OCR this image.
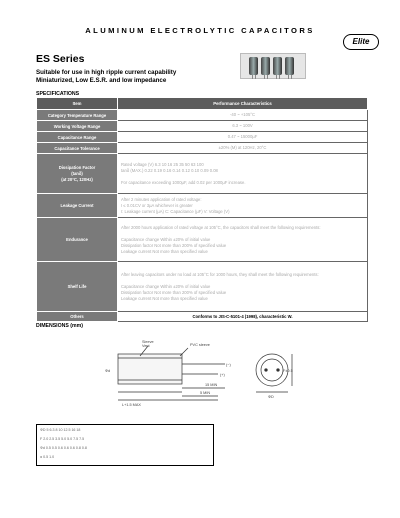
ALUMINUM ELECTROLYTIC CAPACITORS
Elite
ES Series
Suitable for use in high ripple current capability
Miniaturized, Low E.S.R. and low impedance
SPECIFICATIONS
Item	Performance Characteristics
Category Temperature Range	-40 ~ +105°C

Working Voltage Range	6.3 ~ 100V

Capacitance Range	0.47 ~ 15000µF

Capacitance Tolerance	±20% (M) at 120Hz, 20°C

Dissipation Factor
(tanδ)
(at 20°C, 120Hz)	Rated voltage (V) 6.3 10 16 25 35 50 63 100
tanδ (MAX.) 0.22 0.19 0.16 0.14 0.12 0.10 0.09 0.08
For capacitance exceeding 1000µF, add 0.02 per 1000µF increase.

Leakage Current	After 2 minutes application of rated voltage:
I ≤ 0.01CV or 3µA whichever is greater
I: Leakage current (µA) C: Capacitance (µF) V: Voltage (V)

Endurance	After 2000 hours application of rated voltage at 105°C, the capacitors shall meet the following requirements:
Capacitance change Within ±20% of initial value
Dissipation factor Not more than 200% of specified value
Leakage current Not more than specified value

Shelf Life	After leaving capacitors under no load at 105°C for 1000 hours, they shall meet the following requirements:
Capacitance change Within ±20% of initial value
Dissipation factor Not more than 200% of specified value
Leakage current Not more than specified value

Others	Conforms to JIS-C-5101-4 (1998), characteristic W.
DIMENSIONS (mm)
Sleeve
Vent	PVC sleeve
15 MIN
5 MIN
L+1.5 MAX
(−)
(+)
ΦD
F±0.5
Φd
ΦD 5 6.3 8 10 12.5 16 18
F 2.0 2.5 3.5 5.0 5.0 7.5 7.5
Φd 0.5 0.5 0.6 0.6 0.6 0.8 0.8
α 0.5 1.0
